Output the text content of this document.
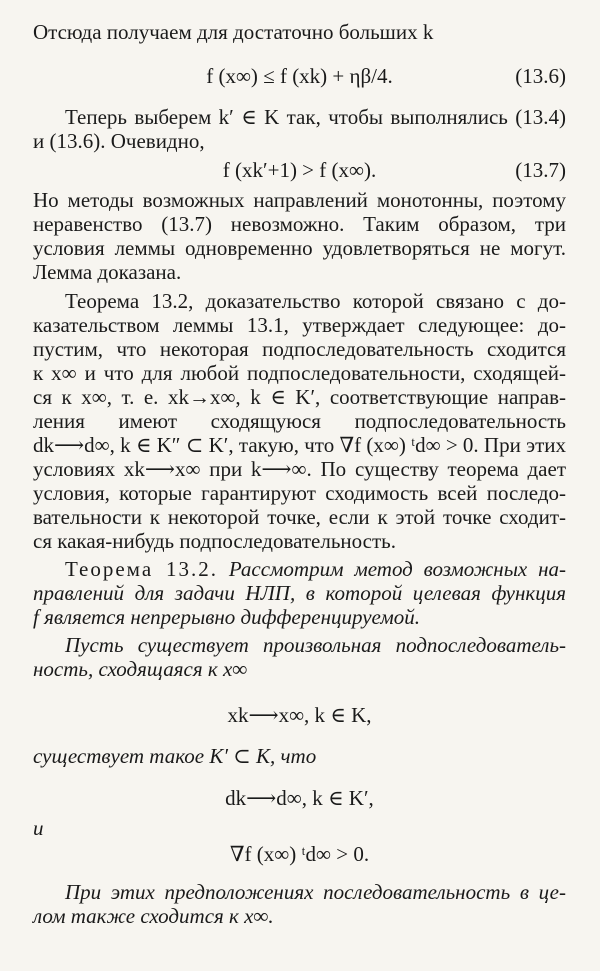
Отсюда получаем для достаточно больших k
f (x∞) ≤ f (xk) + ηβ/4.	(13.6)
Теперь выберем k′ ∈ K так, чтобы выполнялись (13.4)
и (13.6). Очевидно,
f (xk′+1) > f (x∞).	(13.7)
Но методы возможных направлений монотонны, поэтому
неравенство (13.7) невозможно. Таким образом, три
условия леммы одновременно удовлетворяться не могут.
Лемма доказана.
Теорема 13.2, доказательство которой связано с до-
казательством леммы 13.1, утверждает следующее: до-
пустим, что некоторая подпоследовательность сходится
к x∞ и что для любой подпоследовательности, сходящей-
ся к x∞, т. е. xk→x∞, k ∈ K′, соответствующие направ-
ления имеют сходящуюся подпоследовательность
dk⟶d∞, k ∈ K″ ⊂ K′, такую, что ∇f (x∞) ᵗd∞ > 0. При этих
условиях xk⟶x∞ при k⟶∞. По существу теорема дает
условия, которые гарантируют сходимость всей последо-
вательности к некоторой точке, если к этой точке сходит-
ся какая-нибудь подпоследовательность.
Теорема 13.2. Рассмотрим метод возможных на-
правлений для задачи НЛП, в которой целевая функция
f является непрерывно дифференцируемой.
Пусть существует произвольная подпоследователь-
ность, сходящаяся к x∞
xk⟶x∞, k ∈ K,
существует такое K′ ⊂ K, что
dk⟶d∞, k ∈ K′,
и
∇f (x∞) ᵗd∞ > 0.
При этих предположениях последовательность в це-
лом также сходится к x∞.
